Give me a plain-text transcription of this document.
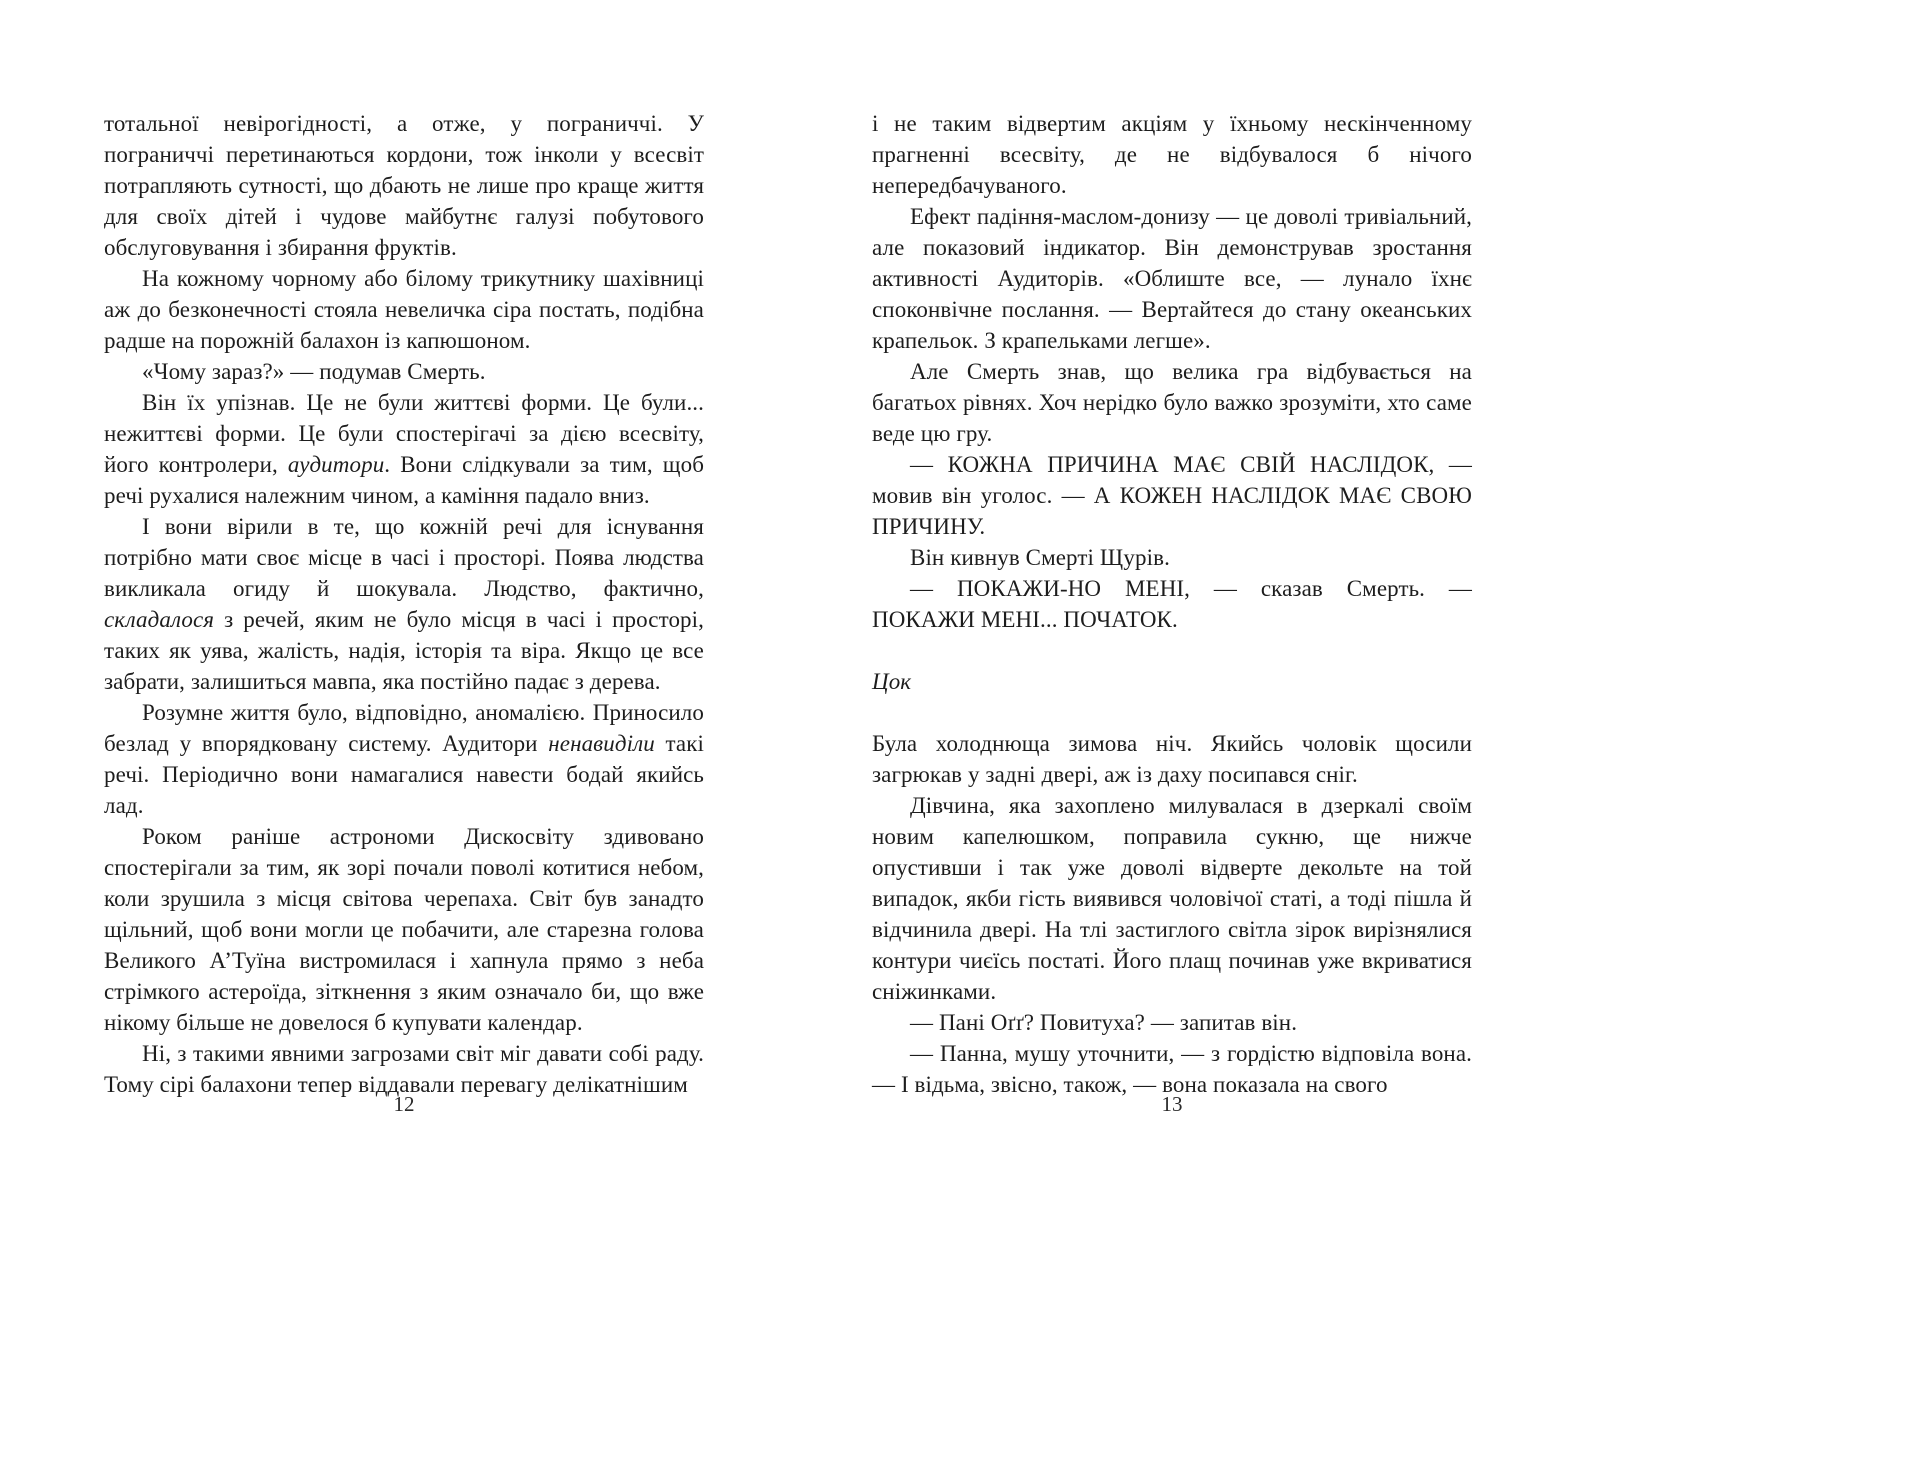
тотальної невірогідності, а отже, у пограниччі. У пограниччі перетинаються кордони, тож інколи у всесвіт потрапляють сутності, що дбають не лише про краще життя для своїх дітей і чудове майбутнє галузі побутового обслуговування і збирання фруктів.

На кожному чорному або білому трикутнику шахівниці аж до безконечності стояла невеличка сіра постать, подібна радше на порожній балахон із капюшоном.

«Чому зараз?» — подумав Смерть.

Він їх упізнав. Це не були життєві форми. Це були... нежиттєві форми. Це були спостерігачі за дією всесвіту, його контролери, аудитори. Вони слідкували за тим, щоб речі рухалися належним чином, а каміння падало вниз.

І вони вірили в те, що кожній речі для існування потрібно мати своє місце в часі і просторі. Поява людства викликала огиду й шокувала. Людство, фактично, складалося з речей, яким не було місця в часі і просторі, таких як уява, жалість, надія, історія та віра. Якщо це все забрати, залишиться мавпа, яка постійно падає з дерева.

Розумне життя було, відповідно, аномалією. Приносило безлад у впорядковану систему. Аудитори ненавиділи такі речі. Періодично вони намагалися навести бодай якийсь лад.

Роком раніше астрономи Дискосвіту здивовано спостерігали за тим, як зорі почали поволі котитися небом, коли зрушила з місця світова черепаха. Світ був занадто щільний, щоб вони могли це побачити, але старезна голова Великого А’Туїна вистромилася і хапнула прямо з неба стрімкого астероїда, зіткнення з яким означало би, що вже нікому більше не довелося б купувати календар.

Ні, з такими явними загрозами світ міг давати собі раду. Тому сірі балахони тепер віддавали перевагу делікатнішим

12

і не таким відвертим акціям у їхньому нескінченному прагненні всесвіту, де не відбувалося б нічого непередбачуваного.

Ефект падіння-маслом-донизу — це доволі тривіальний, але показовий індикатор. Він демонстрував зростання активності Аудиторів. «Облиште все, — лунало їхнє споконвічне послання. — Вертайтеся до стану океанських крапельок. З крапельками легше».

Але Смерть знав, що велика гра відбувається на багатьох рівнях. Хоч нерідко було важко зрозуміти, хто саме веде цю гру.

— КОЖНА ПРИЧИНА МАЄ СВІЙ НАСЛІДОК, — мовив він уголос. — А КОЖЕН НАСЛІДОК МАЄ СВОЮ ПРИЧИНУ.

Він кивнув Смерті Щурів.

— ПОКАЖИ-НО МЕНІ, — сказав Смерть. — ПОКАЖИ МЕНІ... ПОЧАТОК.

Цок

Була холоднюща зимова ніч. Якийсь чоловік щосили загрюкав у задні двері, аж із даху посипався сніг.

Дівчина, яка захоплено милувалася в дзеркалі своїм новим капелюшком, поправила сукню, ще нижче опустивши і так уже доволі відверте декольте на той випадок, якби гість виявився чоловічої статі, а тоді пішла й відчинила двері. На тлі застиглого світла зірок вирізнялися контури чиєїсь постаті. Його плащ починав уже вкриватися сніжинками.

— Пані Оґґ? Повитуха? — запитав він.

— Панна, мушу уточнити, — з гордістю відповіла вона. — І відьма, звісно, також, — вона показала на свого

13
